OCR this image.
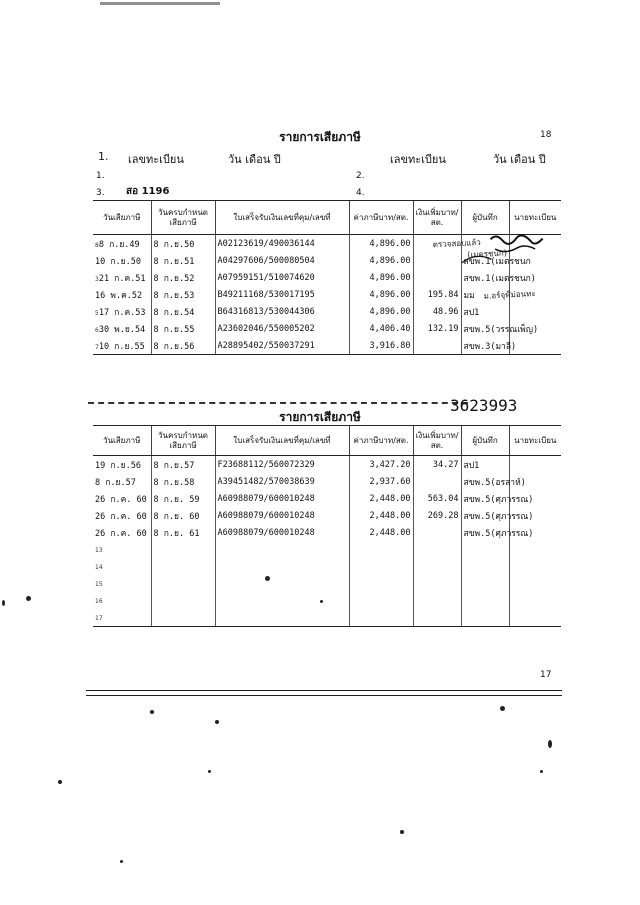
18
รายการเสียภาษี
1. เลขทะเบียน	วัน เดือน ปี	เลขทะเบียน	วัน เดือน ปี
1.	2.
3. สอ 1196	4.
วันเสียภาษี	วันครบกำหนดเสียภาษี	ใบเสร็จรับเงินเลขที่คุม/เลขที่	ค่าภาษีบาท/สต.	เงินเพิ่มบาท/สต.	ผู้บันทึก	นายทะเบียน
88 ก.ย.49	8 ก.ย.50	A02123619/490036144	4,896.00			
10 ก.ย.50	8 ก.ย.51	A04297606/500080504	4,896.00		สขพ.1(เมตรชนก	
321 ก.ค.51	8 ก.ย.52	A07959151/510074620	4,896.00		สขพ.1(เมตรชนก)	
16 พ.ค.52	8 ก.ย.53	B49211168/530017195	4,896.00	195.84	มม	
517 ก.ค.53	8 ก.ย.54	B64316813/530044306	4,896.00	48.96	สป1	
630 พ.ย.54	8 ก.ย.55	A23602046/550005202	4,406.40	132.19	สขพ.5(วรรณเพ็ญ)	
710 ก.ย.55	8 ก.ย.56	A28895402/550037291	3,916.80		สขพ.3(มาลี)	
ตรวจสอบแล้ว
(เมตรชนก)
ม.อร์จุฬ์ม่อนทะ
3623993
รายการเสียภาษี
วันเสียภาษี	วันครบกำหนดเสียภาษี	ใบเสร็จรับเงินเลขที่คุม/เลขที่	ค่าภาษีบาท/สต.	เงินเพิ่มบาท/สต.	ผู้บันทึก	นายทะเบียน
19 ก.ย.56	8 ก.ย.57	F23688112/560072329	3,427.20	34.27	สป1	
8 ก.ย.57	8 ก.ย.58	A39451482/570038639	2,937.60		สขพ.5(อรสาห์)	
26 ก.ค. 60	8 ก.ย. 59	A60988079/600010248	2,448.00	563.04	สขพ.5(ศุภวรรณ)	
26 ก.ค. 60	8 ก.ย. 60	A60988079/600010248	2,448.00	269.28	สขพ.5(ศุภวรรณ)	
26 ก.ค. 60	8 ก.ย. 61	A60988079/600010248	2,448.00		สขพ.5(ศุภวรรณ)	
13						
14						
15						
16						
17						
17
